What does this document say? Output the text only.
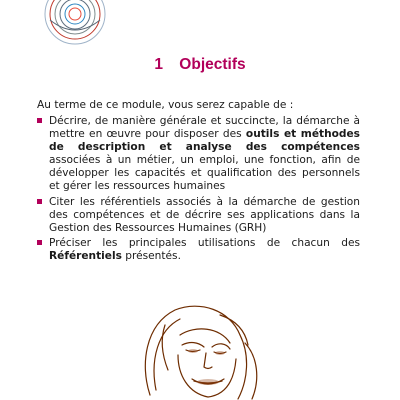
1 Objectifs
Au terme de ce module, vous serez capable de :
Décrire, de manière générale et succincte, la démarche à mettre en œuvre pour disposer des outils et méthodes de description et analyse des compétences associées à un métier, un emploi, une fonction, afin de développer les capacités et qualification des personnels et gérer les ressources humaines
Citer les référentiels associés à la démarche de gestion des compétences et de décrire ses applications dans la Gestion des Ressources Humaines (GRH)
Préciser les principales utilisations de chacun des Référentiels présentés.
